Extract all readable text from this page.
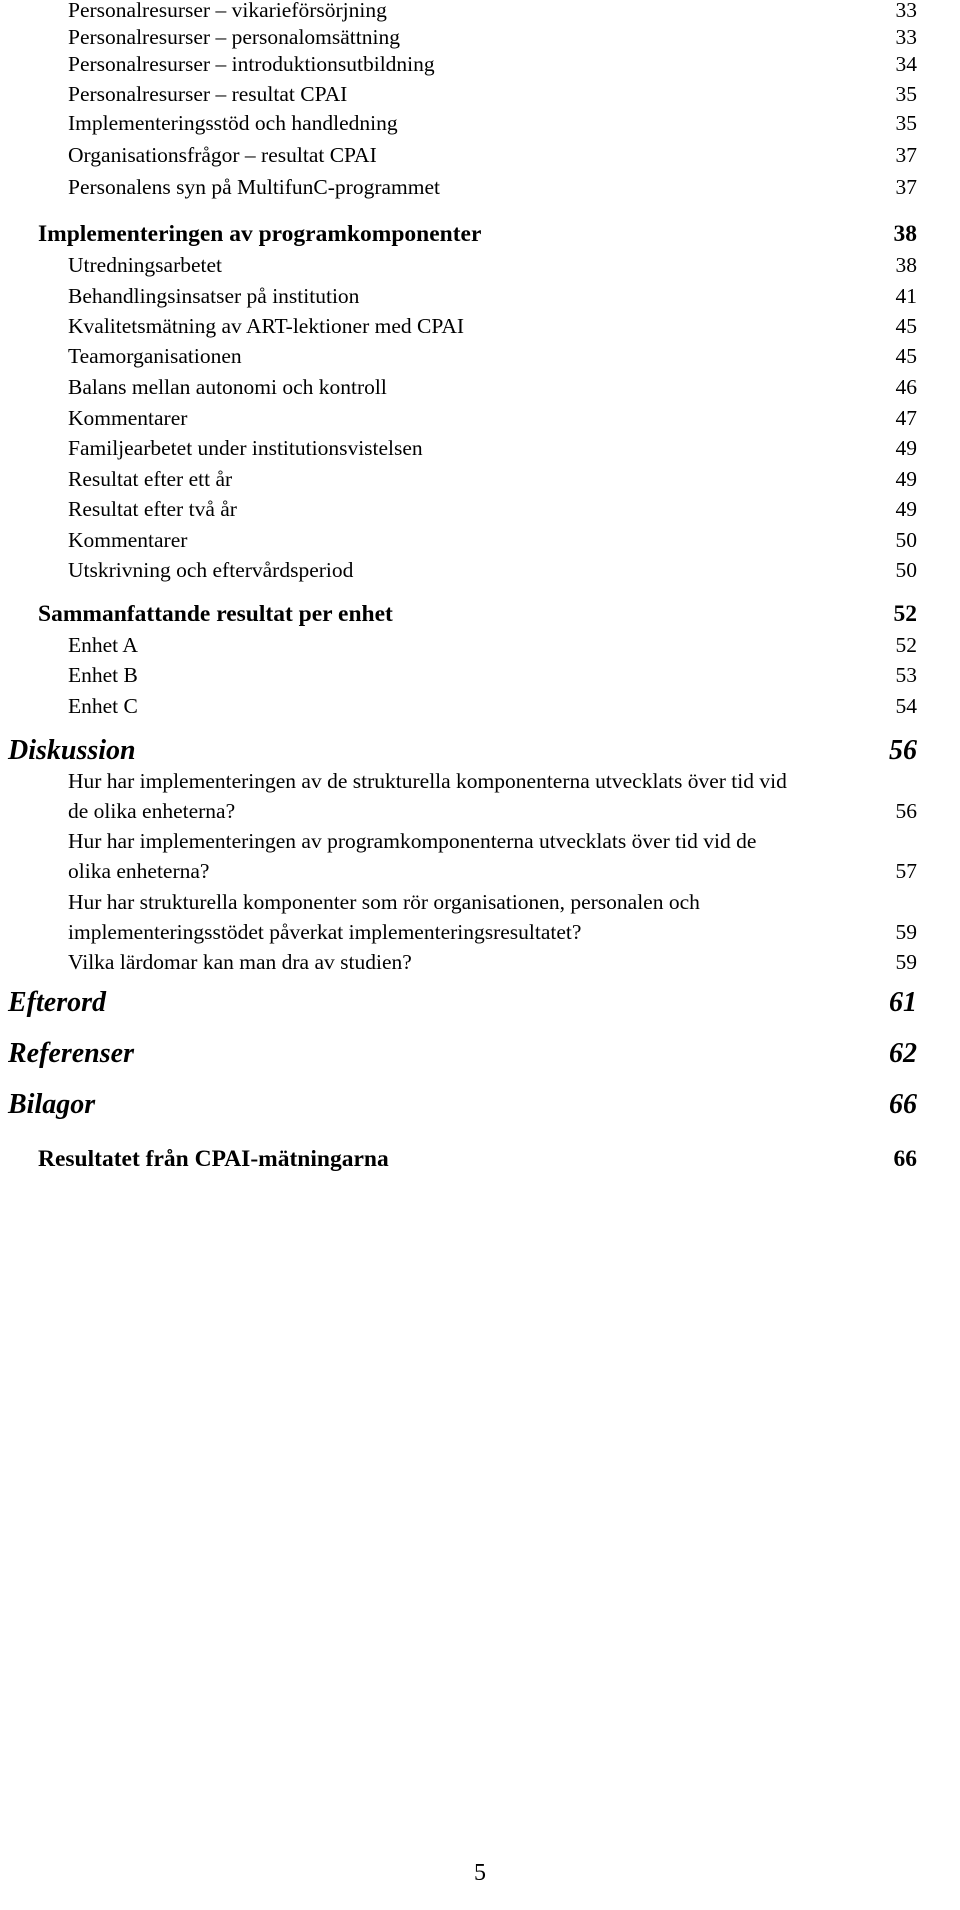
Personalresurser – vikarieförsörjning	33
Personalresurser – personalomsättning	33
Personalresurser – introduktionsutbildning	34
Personalresurser – resultat CPAI	35
Implementeringsstöd och handledning	35
Organisationsfrågor – resultat CPAI	37
Personalens syn på MultifunC-programmet	37
Implementeringen av programkomponenter	38
Utredningsarbetet	38
Behandlingsinsatser på institution	41
Kvalitetsmätning av ART-lektioner med CPAI	45
Teamorganisationen	45
Balans mellan autonomi och kontroll	46
Kommentarer	47
Familjearbetet under institutionsvistelsen	49
Resultat efter ett år	49
Resultat efter två år	49
Kommentarer	50
Utskrivning och eftervårdsperiod	50
Sammanfattande resultat per enhet	52
Enhet A	52
Enhet B	53
Enhet C	54
Diskussion	56
Hur har implementeringen av de strukturella komponenterna utvecklats över tid vid
de olika enheterna?	56
Hur har implementeringen av programkomponenterna utvecklats över tid vid de
olika enheterna?	57
Hur har strukturella komponenter som rör organisationen, personalen och
implementeringsstödet påverkat implementeringsresultatet?	59
Vilka lärdomar kan man dra av studien?	59
Efterord	61
Referenser	62
Bilagor	66
Resultatet från CPAI-mätningarna	66
5
